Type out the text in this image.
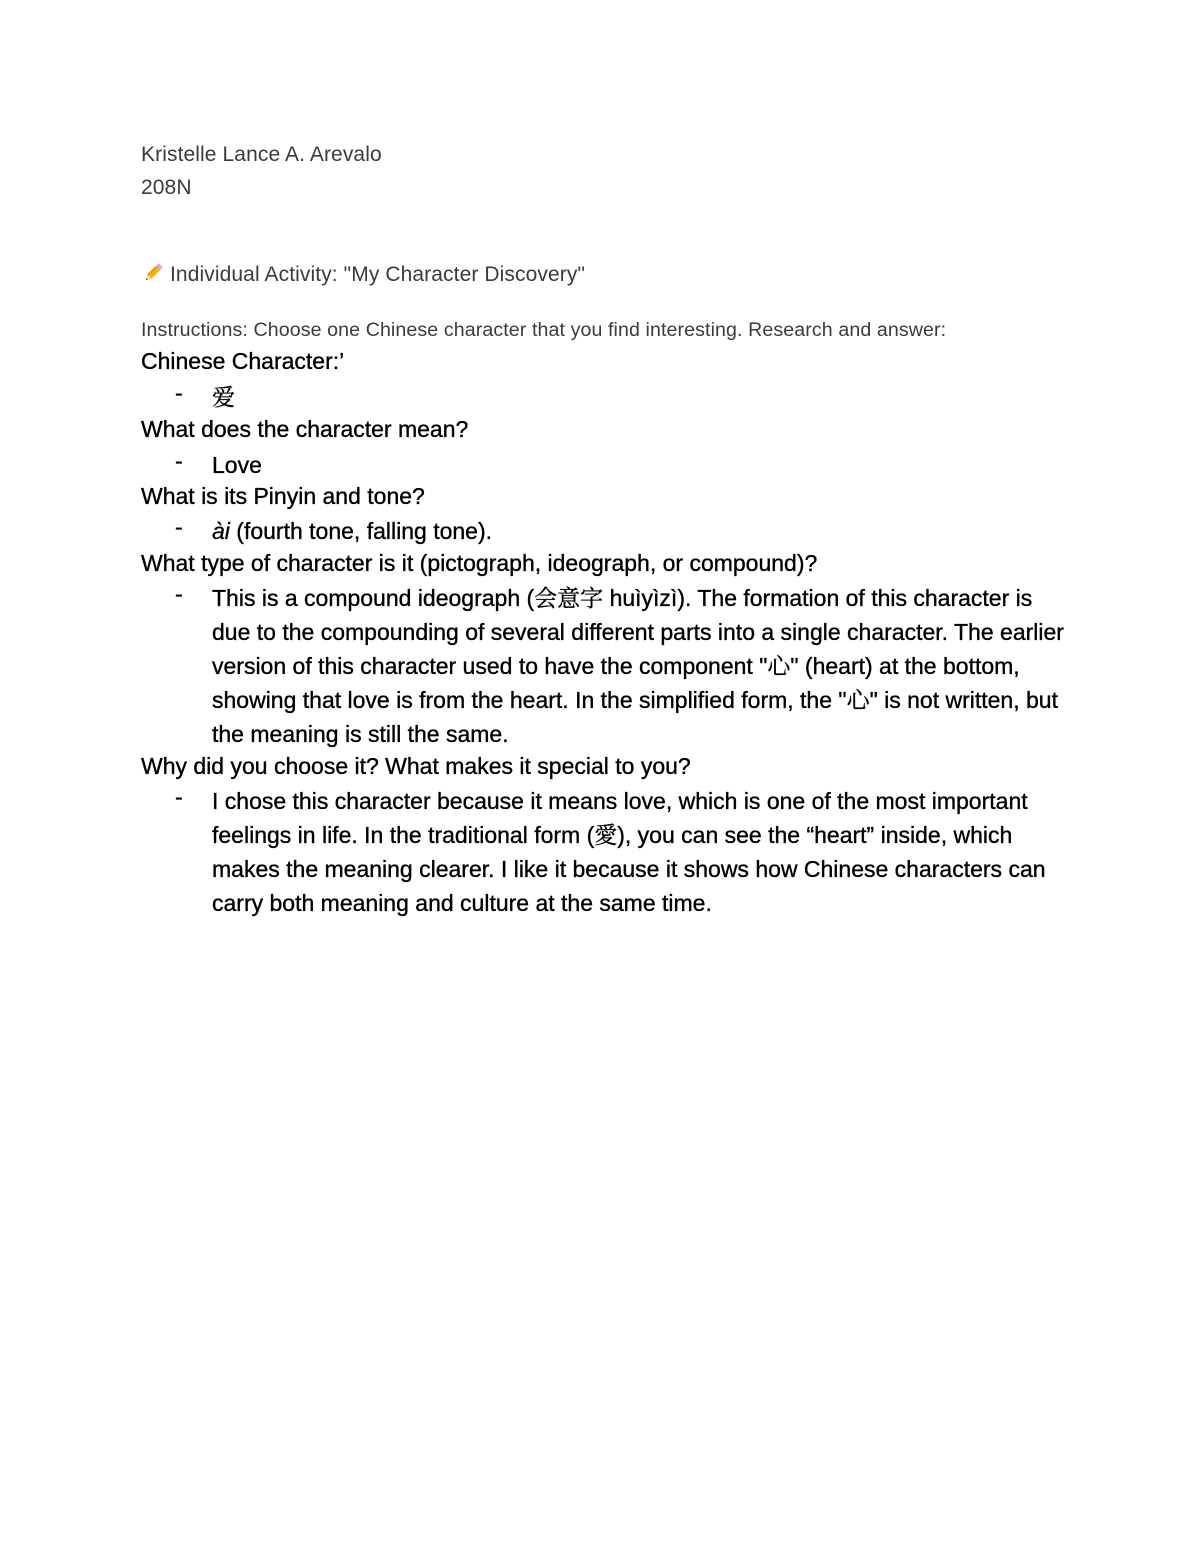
Kristelle Lance A. Arevalo
208N
Individual Activity: "My Character Discovery"
Instructions: Choose one Chinese character that you find interesting. Research and answer:
Chinese Character:’
- 爱
What does the character mean?
- Love
What is its Pinyin and tone?
- ài (fourth tone, falling tone).
What type of character is it (pictograph, ideograph, or compound)?
- This is a compound ideograph (会意字 huìyìzì). The formation of this character is due to the compounding of several different parts into a single character. The earlier version of this character used to have the component "心" (heart) at the bottom, showing that love is from the heart. In the simplified form, the "心" is not written, but the meaning is still the same.
Why did you choose it? What makes it special to you?
- I chose this character because it means love, which is one of the most important feelings in life. In the traditional form (愛), you can see the “heart” inside, which makes the meaning clearer. I like it because it shows how Chinese characters can carry both meaning and culture at the same time.
